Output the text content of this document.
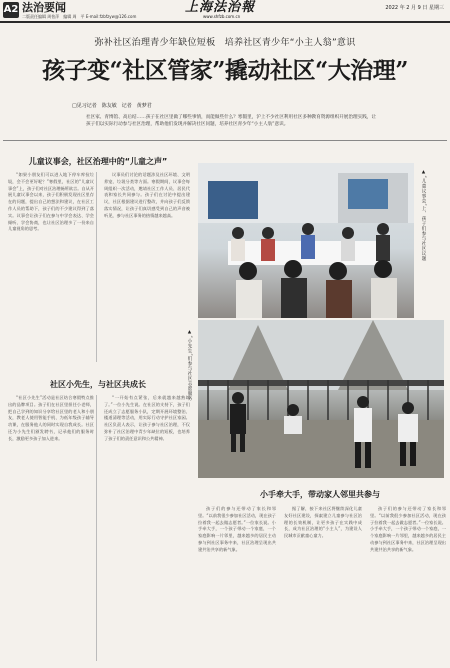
A2 法治要闻
二版责任编辑 周怡萍　编辑 周　平 E-mail:fzbfzyw@126.com
上海法治報
www.shfzb.com.cn
2022 年 2 月 9 日 星期三
弥补社区治理青少年缺位短板　培养社区青少年“小主人翁”意识
孩子变“社区管家”撬动社区“大治理”
□见习记者　陈友敏　记者　黄梦君
社区家、青博馆、高后结……孩子在社区里做了哪些事情，而能做些什么？寒假里，沪上不少社区利用社区多种教育资源组织开展治理实践，让孩子们以实际行动参与社区治理，帮助他们发现并解决社区问题，培养社区青少年“小主人翁”意识。
儿童议事会，社区治理中的“儿童之声”
“如果小朋友们可以进入地下停车库捡垃圾，会不会更好呢？”寒假里，社区的“儿童议事会”上，孩子们对社区治理畅所欲言。自从开展儿童议事会以来，孩子们积极发现社区里存在的问题，提出自己的想法和建议，在社区工作人员的帮助下，孩子们的不少建议得到了落实。议事会让孩子们在参与中学会表达、学会倾听、学会协商，也让社区治理多了一份来自儿童视角的思考。
议事员们讨论的话题涉及社区环境、文明养宠、垃圾分类等方面。寒假期间，议事会每周组织一次活动，邀请社区工作人员、居民代表和家长共同参与。孩子们在讨论中提出建议，社区根据建议进行整改，并向孩子们反馈落实情况，让孩子们真切感受到自己的声音被听见，参与社区事务的热情越来越高。	▲“儿童议事会”上，孩子们参与社区议题
社区小先生，与社区共成长
“社区小先生”活动是社区结合寒假特点推出的品牌项目。孩子们在社区里担任小老师，把自己学到的知识分享给社区里的老人和小朋友，教老人使用智能手机、为低年级孩子辅导功课，在服务他人的同时实现自我成长。社区还为小先生们颁发聘书，记录他们的服务时长，激励更多孩子加入进来。
“一开始有点紧张，后来就越来越熟练了。”一位小先生说。在社区的支持下，孩子们还成立了志愿服务小队，定期开展环境整治、楼道清理等活动，用实际行动守护社区家园。社区负责人表示，让孩子参与社区治理，不仅弥补了社区治理中青少年缺位的短板，也培养了孩子们的责任意识和公共精神。
▲“小先生”们参与社区志愿服务
小手牵大手，带动家人邻里共参与
孩子们的参与还带动了家长和邻里。“以前我很少参加社区活动，现在孩子拉着我一起去做志愿者。”一位家长说。小手牵大手，一个孩子带动一个家庭，一个家庭影响一片邻里，越来越多的居民主动参与到社区事务中来，社区治理呈现出共建共治共享的新气象。
据了解，接下来社区将继续深化儿童友好社区建设，探索建立儿童参与社区治理的长效机制，让更多孩子在实践中成长，成为社区治理的“小主人”，为建设人民城市贡献童心童力。
孩子们的参与还带动了家长和邻里。“以前我很少参加社区活动，现在孩子拉着我一起去做志愿者。”一位家长说。小手牵大手，一个孩子带动一个家庭，一个家庭影响一片邻里，越来越多的居民主动参与到社区事务中来，社区治理呈现出共建共治共享的新气象。
